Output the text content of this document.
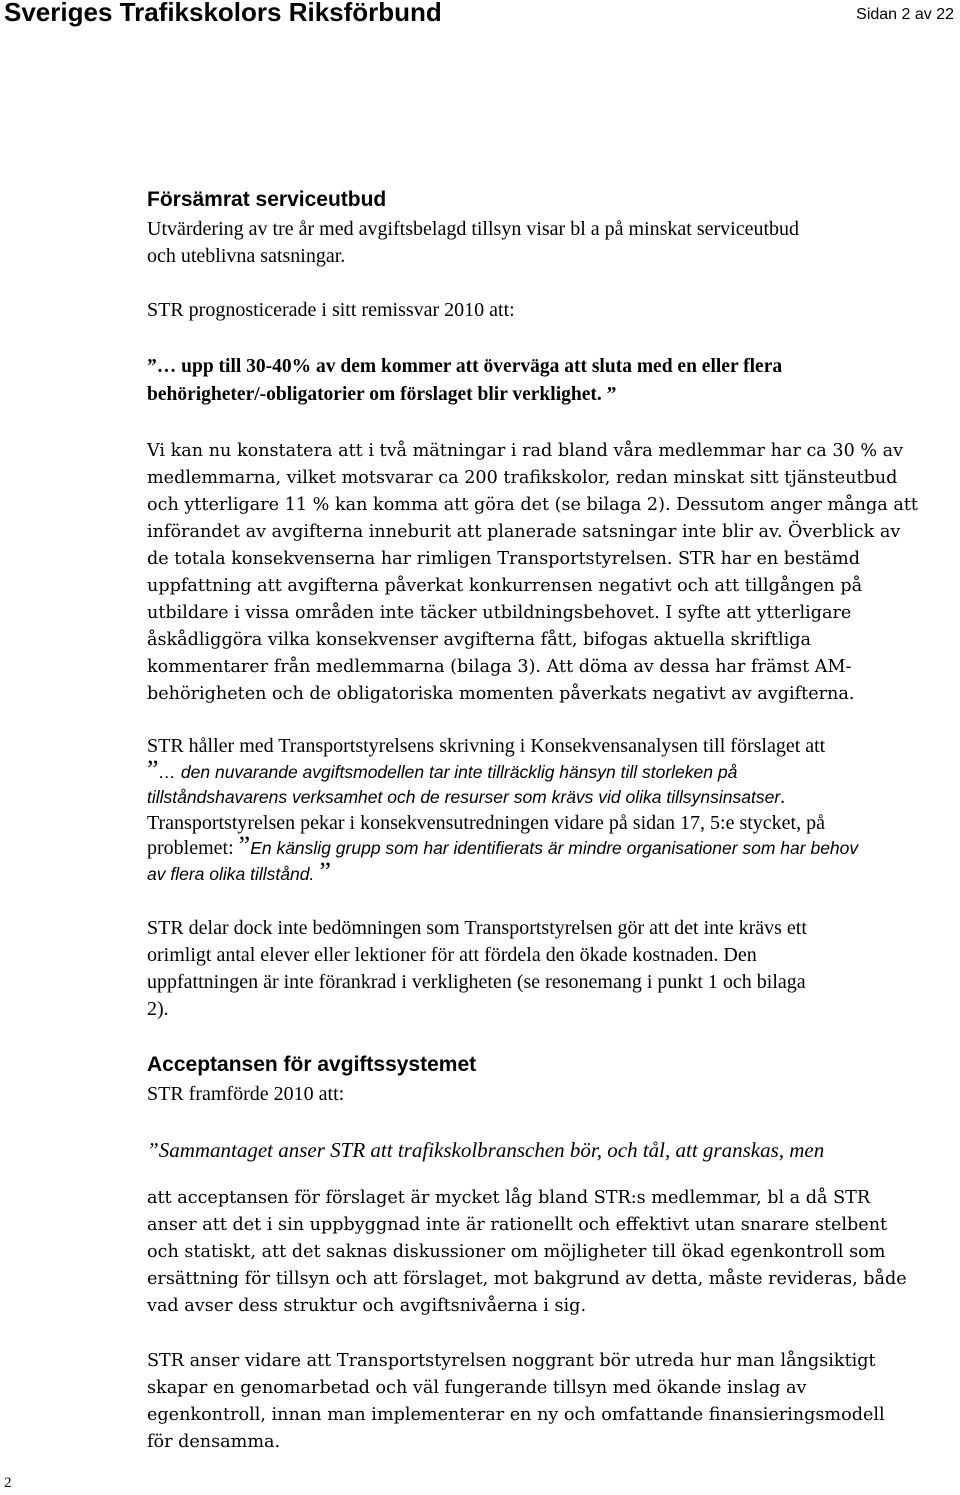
Sveriges Trafikskolors Riksförbund	Sidan 2 av 22
Försämrat serviceutbud
Utvärdering av tre år med avgiftsbelagd tillsyn visar bl a på minskat serviceutbud
och uteblivna satsningar.
STR prognosticerade i sitt remissvar 2010 att:
”… upp till 30-40% av dem kommer att överväga att sluta med en eller flera
behörigheter/-obligatorier om förslaget blir verklighet. ”
Vi kan nu konstatera att i två mätningar i rad bland våra medlemmar har ca 30 % av
medlemmarna, vilket motsvarar ca 200 trafikskolor, redan minskat sitt tjänsteutbud
och ytterligare 11 % kan komma att göra det (se bilaga 2). Dessutom anger många att
införandet av avgifterna inneburit att planerade satsningar inte blir av. Överblick av
de totala konsekvenserna har rimligen Transportstyrelsen. STR har en bestämd
uppfattning att avgifterna påverkat konkurrensen negativt och att tillgången på
utbildare i vissa områden inte täcker utbildningsbehovet. I syfte att ytterligare
åskådliggöra vilka konsekvenser avgifterna fått, bifogas aktuella skriftliga
kommentarer från medlemmarna (bilaga 3). Att döma av dessa har främst AM-
behörigheten och de obligatoriska momenten påverkats negativt av avgifterna.
STR håller med Transportstyrelsens skrivning i Konsekvensanalysen till förslaget att
”… den nuvarande avgiftsmodellen tar inte tillräcklig hänsyn till storleken på
tillståndshavarens verksamhet och de resurser som krävs vid olika tillsynsinsatser.
Transportstyrelsen pekar i konsekvensutredningen vidare på sidan 17, 5:e stycket, på
problemet: ”En känslig grupp som har identifierats är mindre organisationer som har behov
av flera olika tillstånd. ”
STR delar dock inte bedömningen som Transportstyrelsen gör att det inte krävs ett
orimligt antal elever eller lektioner för att fördela den ökade kostnaden. Den
uppfattningen är inte förankrad i verkligheten (se resonemang i punkt 1 och bilaga
2).
Acceptansen för avgiftssystemet
STR framförde 2010 att:
”Sammantaget anser STR att trafikskolbranschen bör, och tål, att granskas, men
att acceptansen för förslaget är mycket låg bland STR:s medlemmar, bl a då STR
anser att det i sin uppbyggnad inte är rationellt och effektivt utan snarare stelbent
och statiskt, att det saknas diskussioner om möjligheter till ökad egenkontroll som
ersättning för tillsyn och att förslaget, mot bakgrund av detta, måste revideras, både
vad avser dess struktur och avgiftsnivåerna i sig.
STR anser vidare att Transportstyrelsen noggrant bör utreda hur man långsiktigt
skapar en genomarbetad och väl fungerande tillsyn med ökande inslag av
egenkontroll, innan man implementerar en ny och omfattande finansieringsmodell
för densamma.
2
